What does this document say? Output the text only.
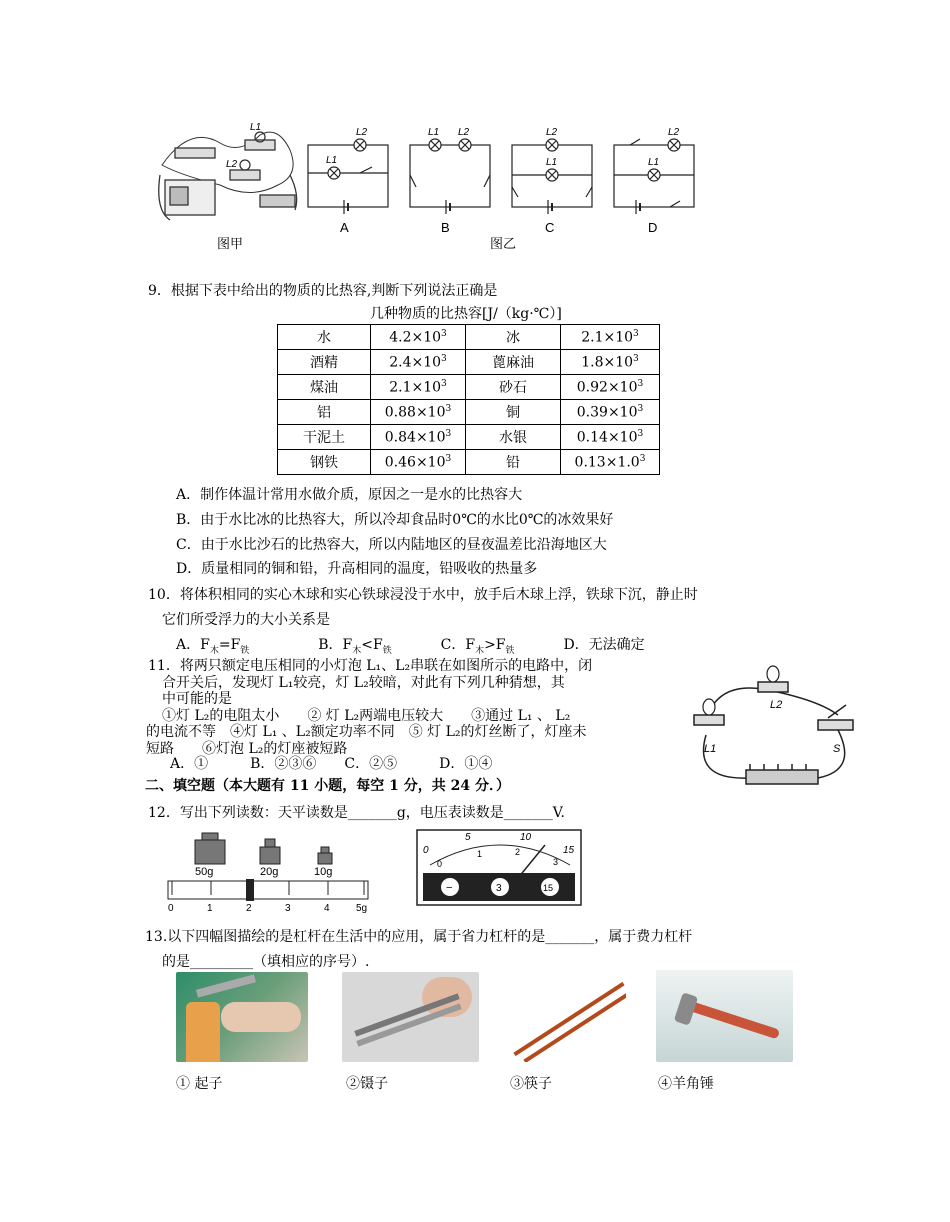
L1
L2
L2
L1
L1 L2	L2
L1
L2
L1
图甲
A	B
图乙
C	D
9．根据下表中给出的物质的比热容,判断下列说法正确是
几种物质的比热容[J/（kg·℃）]
水	$4.2\times 10^3$	冰	$2.1\times 10^3$
酒精	$2.4\times 10^3$	蓖麻油	$1.8\times 10^3$
煤油	$2.1\times 10^3$	砂石	$0.92\times 10^3$
铝	$0.88\times 10^3$	铜	$0.39\times 10^3$
干泥土	$0.84\times 10^3$	水银	$0.14\times 10^3$
钢铁	$0.46\times 10^3$	铅	$0.13\times 1.0^3$
A．制作体温计常用水做介质，原因之一是水的比热容大
B．由于水比冰的比热容大，所以冷却食品时0℃的水比0℃的冰效果好
C．由于水比沙石的比热容大，所以内陆地区的昼夜温差比沿海地区大
D．质量相同的铜和铅，升高相同的温度，铅吸收的热量多
10．将体积相同的实心木球和实心铁球浸没于水中，放手后木球上浮，铁球下沉，静止时
它们所受浮力的大小关系是
A．$F_木=F_铁$	B．$F_木<F_铁$	C．$F_木>F_铁$	D．无法确定
11．将两只额定电压相同的小灯泡 L₁、L₂串联在如图所示的电路中，闭
合开关后，发现灯 L₁较亮，灯 L₂较暗，对此有下列几种猜想，其
中可能的是
①灯 L₂的电阻太小　　② 灯 L₂两端电压较大　　③通过 L₁ 、 L₂
的电流不等　④灯 L₁ 、L₂额定功率不同　⑤ 灯 L₂的灯丝断了，灯座未
短路　　⑥灯泡 L₂的灯座被短路
A．①　　　B．②③⑥　　C．②⑤　　　D．①④
L1
L2
S
二、填空题（本大题有 11 小题，每空 1 分，共 24 分．）
12．写出下列读数：天平读数是_______g，电压表读数是_______V.
50g	20g	10g
0	1	2	3	4	5g
−	3	15
0
5	10
15
0
1	2
3
13.以下四幅图描绘的是杠杆在生活中的应用，属于省力杠杆的是_______，属于费力杠杆
的是_________（填相应的序号）.
① 起子	②镊子	③筷子	④羊角锤
